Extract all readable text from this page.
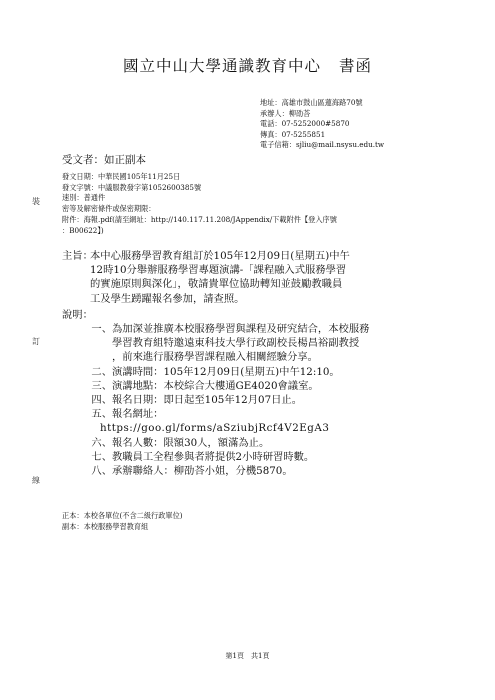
國立中山大學通識教育中心 書函
地址：高雄市鼓山區蓮海路70號
承辦人：柳劭荅
電話：07-5252000#5870
傳真：07-5255851
電子信箱：sjliu@mail.nsysu.edu.tw
受文者：如正副本
發文日期：中華民國105年11月25日
發文字號：中議服教發字第1052600385號
速別：普通件
密等及解密條件或保密期限：
附件：海報.pdf(請至網址：http://140.117.11.208/JAppendix/下載附件【登入序號
：B00622】)
裝
訂
線
主旨：
本中心服務學習教育組訂於105年12月09日(星期五)中午
12時10分舉辦服務學習專題演講-「課程融入式服務學習
的實施原則與深化」，敬請貴單位協助轉知並鼓勵教職員
工及學生踴躍報名參加，請查照。
說明：
一、 為加深並推廣本校服務學習與課程及研究結合，本校服務
學習教育組特邀遠東科技大學行政副校長楊昌裕副教授
，前來進行服務學習課程融入相關經驗分享。
二、 演講時間：105年12月09日(星期五)中午12:10。
三、 演講地點：本校綜合大樓通GE4020會議室。
四、 報名日期：即日起至105年12月07日止。
五、 報名網址：
https://goo.gl/forms/aSziubjRcf4V2EgA3
六、 報名人數：限額30人，額滿為止。
七、 教職員工全程參與者將提供2小時研習時數。
八、 承辦聯絡人：柳劭荅小姐，分機5870。
正本：本校各單位(不含二級行政單位)
副本：本校服務學習教育組
第1頁　共1頁
